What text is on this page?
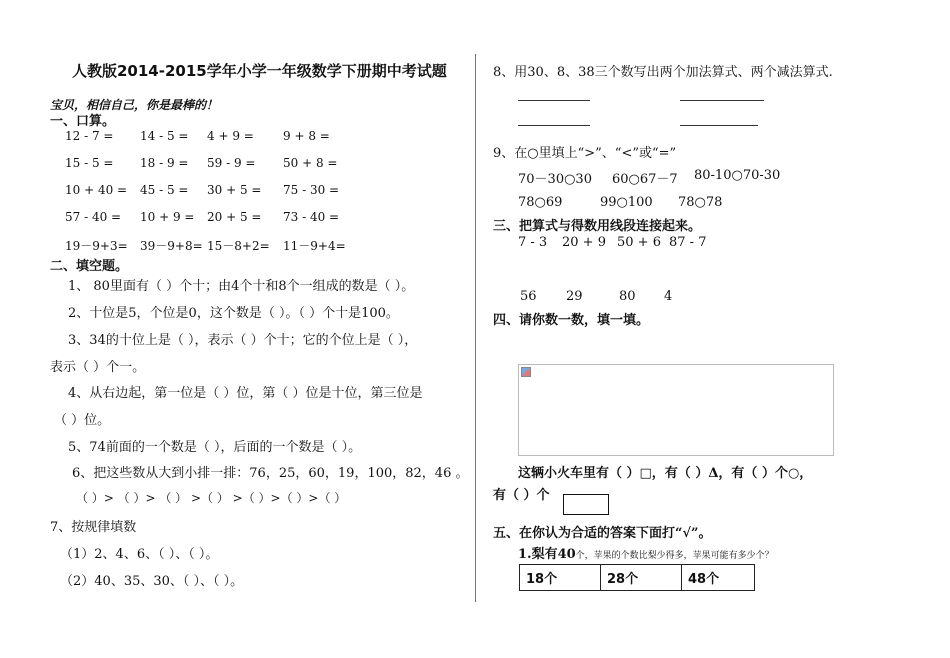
人教版2014-2015学年小学一年级数学下册期中考试题
宝贝，相信自己，你是最棒的！
一、口算。
12 - 7 = 14 - 5 = 4 + 9 = 9 + 8 =
15 - 5 = 18 - 9 = 59 - 9 = 50 + 8 =
10 + 40 = 45 - 5 = 30 + 5 = 75 - 30 =
57 - 40 = 10 + 9 = 20 + 5 = 73 - 40 =
19－9+3= 39－9+8= 15－8+2= 11－9+4=
二、填空题。
1、 80里面有（ ）个十；由4个十和8个一组成的数是（ ）。
2、十位是5，个位是0，这个数是（ ）。（ ）个十是100。
3、34的十位上是（ ），表示（ ）个十；它的个位上是（ ），
表示（ ）个一。
4、从右边起，第一位是（ ）位，第（ ）位是十位，第三位是
（ ）位。
5、74前面的一个数是（ ），后面的一个数是（ ）。
6、把这些数从大到小排一排：76，25，60，19，100，82，46 。
（ ）> （ ）> （ ） >（ ） >（ ）>（ ）>（ ）
7、按规律填数
（1）2、4、6、（ ）、（ ）。
（2）40、35、30、（ ）、（ ）。
8、用30、8、38三个数写出两个加法算式、两个减法算式.
9、在○里填上“>”、“<”或“=”
70－30○30 60○67－7 80-10○70-30
78○69	99○100 78○78
三、把算式与得数用线段连接起来。
7 - 3 20 + 9 50 + 6 87 - 7
56 29	80 4
四、请你数一数，填一填。
这辆小火车里有（ ）□，有（ ）Δ，有（ ）个○，
有（ ）个
五、在你认为合适的答案下面打“√”。
1.梨有40个，苹果的个数比梨少得多，苹果可能有多少个？
18个	28个	48个
